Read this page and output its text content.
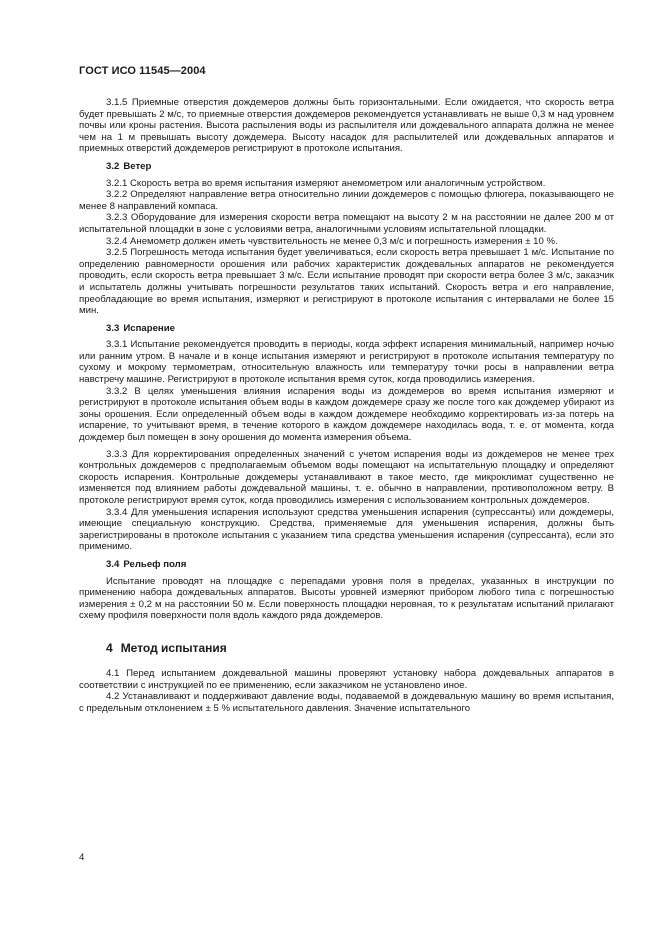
ГОСТ ИСО 11545—2004

3.1.5 Приемные отверстия дождемеров должны быть горизонтальными. Если ожидается, что скорость ветра будет превышать 2 м/с, то приемные отверстия дождемеров рекомендуется устанавливать не выше 0,3 м над уровнем почвы или кроны растения. Высота распыления воды из распылителя или дождевального аппарата должна не менее чем на 1 м превышать высоту дождемера. Высоту насадок для распылителей или дождевальных аппаратов и приемных отверстий дождемеров регистрируют в протоколе испытания.

3.2 Ветер

3.2.1 Скорость ветра во время испытания измеряют анемометром или аналогичным устройством.

3.2.2 Определяют направление ветра относительно линии дождемеров с помощью флюгера, показывающего не менее 8 направлений компаса.

3.2.3 Оборудование для измерения скорости ветра помещают на высоту 2 м на расстоянии не далее 200 м от испытательной площадки в зоне с условиями ветра, аналогичными условиям испытательной площадки.

3.2.4 Анемометр должен иметь чувствительность не менее 0,3 м/с и погрешность измерения ± 10 %.

3.2.5 Погрешность метода испытания будет увеличиваться, если скорость ветра превышает 1 м/с. Испытание по определению равномерности орошения или рабочих характеристик дождевальных аппаратов не рекомендуется проводить, если скорость ветра превышает 3 м/с. Если испытание проводят при скорости ветра более 3 м/с, заказчик и испытатель должны учитывать погрешности результатов таких испытаний. Скорость ветра и его направление, преобладающие во время испытания, измеряют и регистрируют в протоколе испытания с интервалами не более 15 мин.

3.3 Испарение

3.3.1 Испытание рекомендуется проводить в периоды, когда эффект испарения минимальный, например ночью или ранним утром. В начале и в конце испытания измеряют и регистрируют в протоколе испытания температуру по сухому и мокрому термометрам, относительную влажность или температуру точки росы в направлении ветра навстречу машине. Регистрируют в протоколе испытания время суток, когда проводились измерения.

3.3.2 В целях уменьшения влияния испарения воды из дождемеров во время испытания измеряют и регистрируют в протоколе испытания объем воды в каждом дождемере сразу же после того как дождемер убирают из зоны орошения. Если определенный объем воды в каждом дождемере необходимо корректировать из-за потерь на испарение, то учитывают время, в течение которого в каждом дождемере находилась вода, т. е. от момента, когда дождемер был помещен в зону орошения до момента измерения объема.

3.3.3 Для корректирования определенных значений с учетом испарения воды из дождемеров не менее трех контрольных дождемеров с предполагаемым объемом воды помещают на испытательную площадку и определяют скорость испарения. Контрольные дождемеры устанавливают в такое место, где микроклимат существенно не изменяется под влиянием работы дождевальной машины, т. е. обычно в направлении, противоположном ветру. В протоколе регистрируют время суток, когда проводились измерения с использованием контрольных дождемеров.

3.3.4 Для уменьшения испарения используют средства уменьшения испарения (супрессанты) или дождемеры, имеющие специальную конструкцию. Средства, применяемые для уменьшения испарения, должны быть зарегистрированы в протоколе испытания с указанием типа средства уменьшения испарения (супрессанта), если это применимо.

3.4 Рельеф поля

Испытание проводят на площадке с перепадами уровня поля в пределах, указанных в инструкции по применению набора дождевальных аппаратов. Высоты уровней измеряют прибором любого типа с погрешностью измерения ± 0,2 м на расстоянии 50 м. Если поверхность площадки неровная, то к результатам испытаний прилагают схему профиля поверхности поля вдоль каждого ряда дождемеров.

4 Метод испытания

4.1 Перед испытанием дождевальной машины проверяют установку набора дождевальных аппаратов в соответствии с инструкцией по ее применению, если заказчиком не установлено иное.

4.2 Устанавливают и поддерживают давление воды, подаваемой в дождевальную машину во время испытания, с предельным отклонением ± 5 % испытательного давления. Значение испытательного

4
